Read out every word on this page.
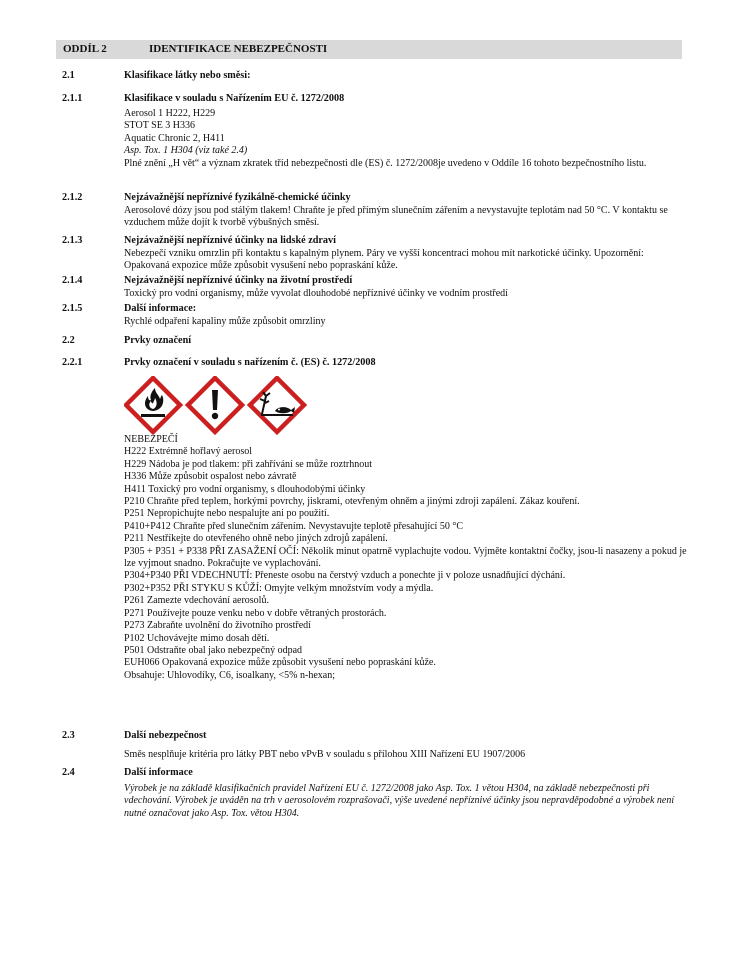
ODDÍL 2	IDENTIFIKACE NEBEZPEČNOSTI
2.1	Klasifikace látky nebo směsi:
2.1.1	Klasifikace v souladu s Nařízením EU č. 1272/2008
Aerosol 1 H222, H229
STOT SE 3 H336
Aquatic Chronic 2, H411
Asp. Tox. 1 H304 (viz také 2.4)
Plné znění „H vět“ a význam zkratek tříd nebezpečnosti dle (ES) č. 1272/2008je uvedeno v Oddíle 16 tohoto bezpečnostního listu.
2.1.2	Nejzávažnější nepříznivé fyzikálně-chemické účinky
Aerosolové dózy jsou pod stálým tlakem! Chraňte je před přímým slunečním zářením a nevystavujte teplotám nad 50 °C. V kontaktu se vzduchem může dojít k tvorbě výbušných směsí.
2.1.3	Nejzávažnější nepříznivé účinky na lidské zdraví
Nebezpečí vzniku omrzlin při kontaktu s kapalným plynem. Páry ve vyšší koncentraci mohou mít narkotické účinky. Upozornění: Opakovaná expozice může způsobit vysušení nebo popraskání kůže.
2.1.4	Nejzávažnější nepříznivé účinky na životní prostředí
Toxický pro vodní organismy, může vyvolat dlouhodobé nepříznivé účinky ve vodním prostředí
2.1.5	Další informace:
Rychlé odpaření kapaliny může způsobit omrzliny
2.2	Prvky označení
2.2.1	Prvky označení v souladu s nařízením č. (ES) č. 1272/2008
NEBEZPEČÍ
H222 Extrémně hořlavý aerosol
H229 Nádoba je pod tlakem: při zahřívání se může roztrhnout
H336 Může způsobit ospalost nebo závratě
H411 Toxický pro vodní organismy, s dlouhodobými účinky
P210 Chraňte před teplem, horkými povrchy, jiskrami, otevřeným ohněm a jinými zdroji zapálení. Zákaz kouření.
P251 Nepropichujte nebo nespalujte ani po použití.
P410+P412 Chraňte před slunečním zářením. Nevystavujte teplotě přesahující 50 °C
P211 Nestříkejte do otevřeného ohně nebo jiných zdrojů zapálení.
P305 + P351 + P338 PŘI ZASAŽENÍ OČÍ: Několik minut opatrně vyplachujte vodou. Vyjměte kontaktní čočky, jsou-li nasazeny a pokud je lze vyjmout snadno. Pokračujte ve vyplachování.
P304+P340 PŘI VDECHNUTÍ: Přeneste osobu na čerstvý vzduch a ponechte ji v poloze usnadňující dýchání.
P302+P352 PŘI STYKU S KŮŽÍ: Omyjte velkým množstvím vody a mýdla.
P261 Zamezte vdechování aerosolů.
P271 Používejte pouze venku nebo v dobře větraných prostorách.
P273 Zabraňte uvolnění do životního prostředí
P102 Uchovávejte mimo dosah dětí.
P501 Odstraňte obal jako nebezpečný odpad
EUH066 Opakovaná expozice může způsobit vysušení nebo popraskání kůže.
Obsahuje: Uhlovodíky, C6, isoalkany, <5% n-hexan;
2.3	Další nebezpečnost
Směs nesplňuje kritéria pro látky PBT nebo vPvB v souladu s přílohou XIII Nařízení EU 1907/2006
2.4	Další informace
Výrobek je na základě klasifikačních pravidel Nařízení EU č. 1272/2008 jako Asp. Tox. 1 větou H304, na základě nebezpečnosti při vdechování. Výrobek je uváděn na trh v aerosolovém rozprašovači, výše uvedené nepříznivé účinky jsou nepravděpodobné a výrobek není nutné označovat jako Asp. Tox. větou H304.
